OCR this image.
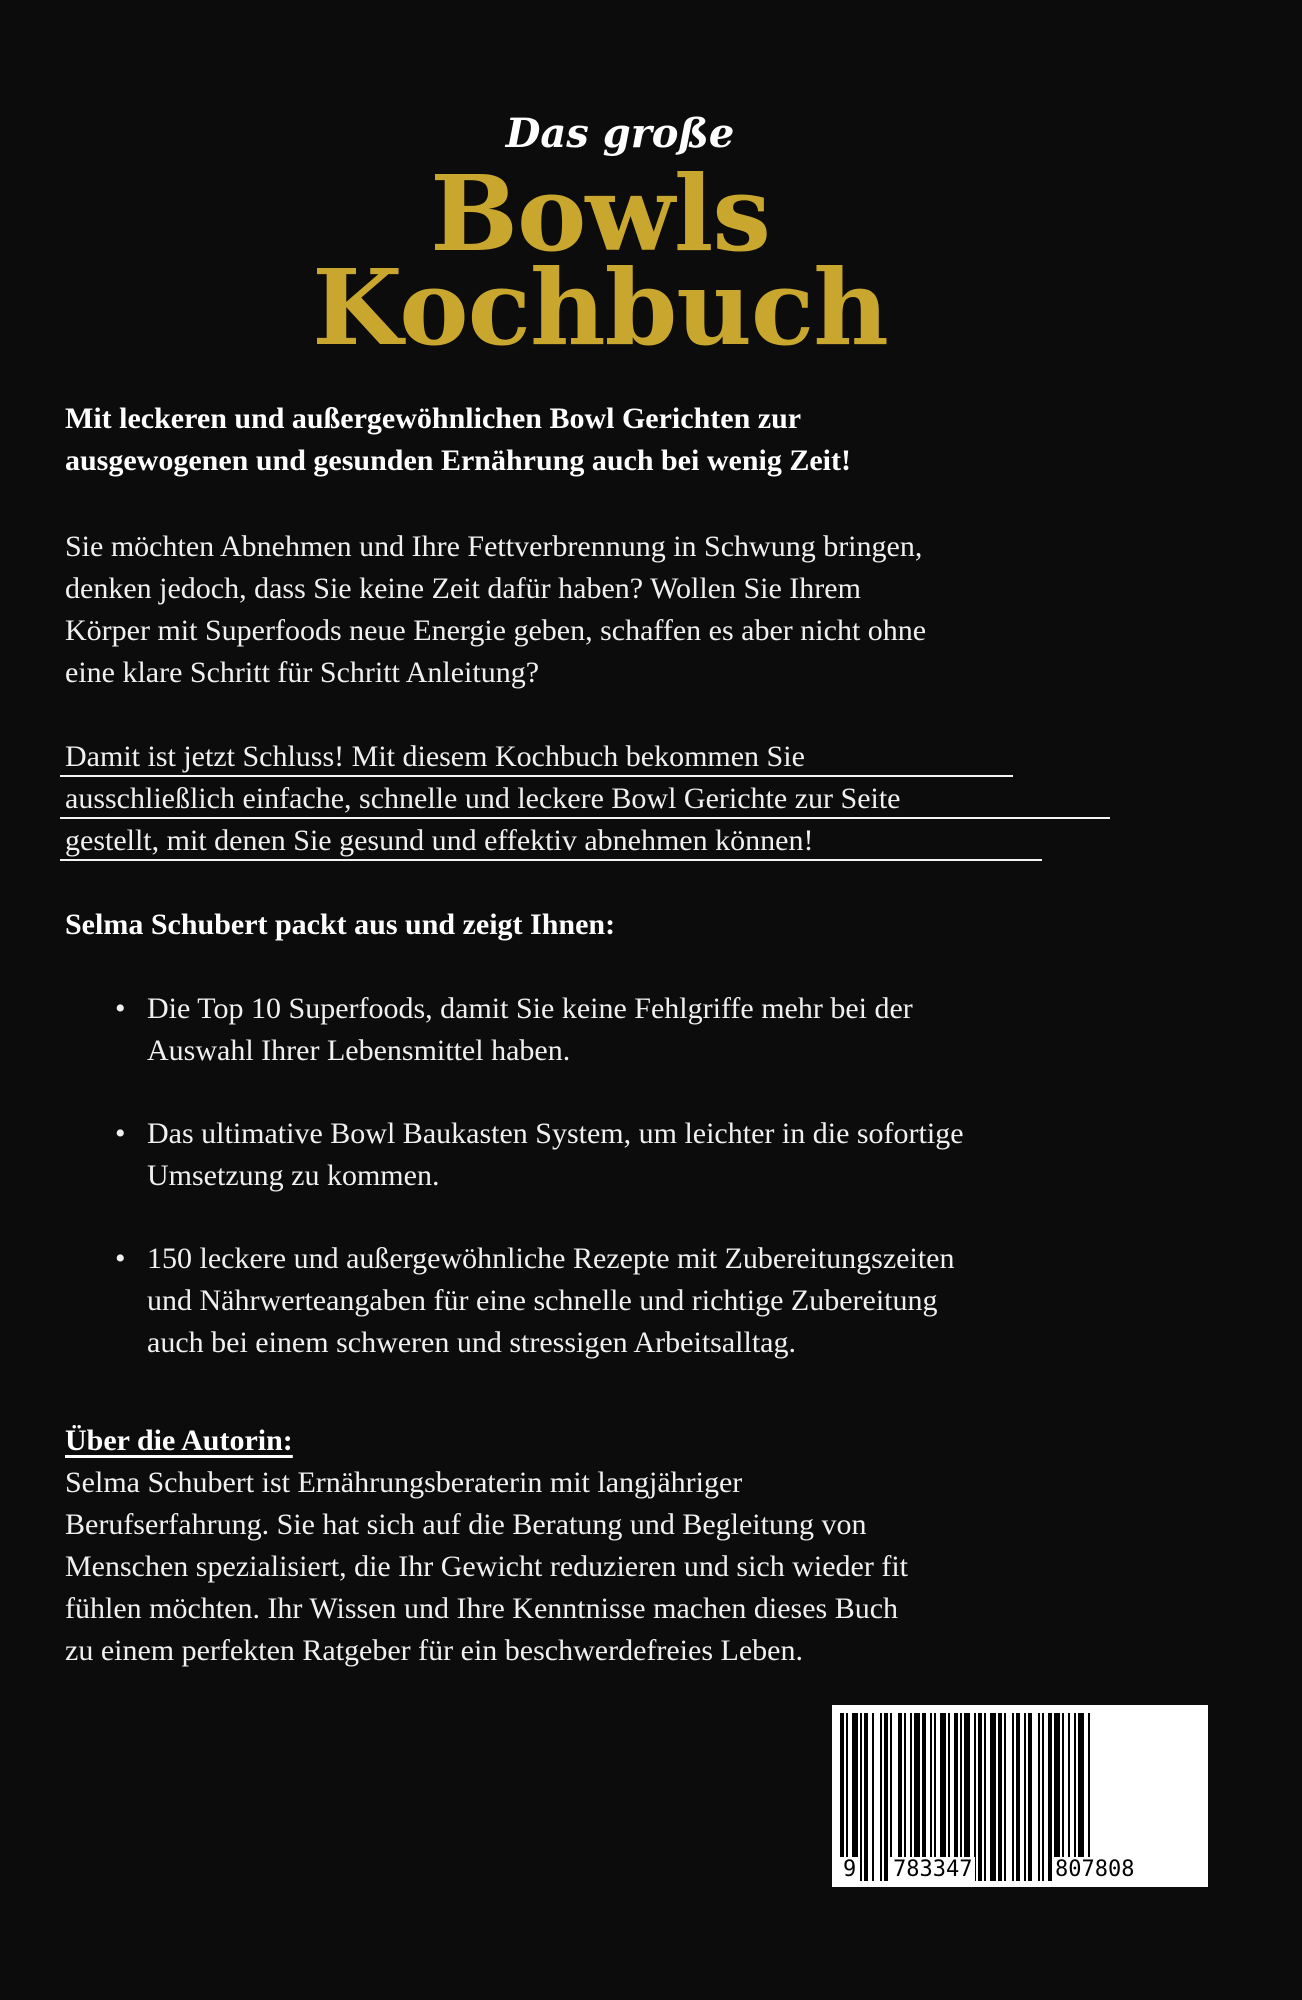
Das große
Bowls
Kochbuch
Mit leckeren und außergewöhnlichen Bowl Gerichten zur
ausgewogenen und gesunden Ernährung auch bei wenig Zeit!
Sie möchten Abnehmen und Ihre Fettverbrennung in Schwung bringen,
denken jedoch, dass Sie keine Zeit dafür haben? Wollen Sie Ihrem
Körper mit Superfoods neue Energie geben, schaffen es aber nicht ohne
eine klare Schritt für Schritt Anleitung?
Damit ist jetzt Schluss! Mit diesem Kochbuch bekommen Sie
ausschließlich einfache, schnelle und leckere Bowl Gerichte zur Seite
gestellt, mit denen Sie gesund und effektiv abnehmen können!
Selma Schubert packt aus und zeigt Ihnen:
• Die Top 10 Superfoods, damit Sie keine Fehlgriffe mehr bei der
Auswahl Ihrer Lebensmittel haben.
• Das ultimative Bowl Baukasten System, um leichter in die sofortige
Umsetzung zu kommen.
• 150 leckere und außergewöhnliche Rezepte mit Zubereitungszeiten
und Nährwerteangaben für eine schnelle und richtige Zubereitung
auch bei einem schweren und stressigen Arbeitsalltag.
Über die Autorin:
Selma Schubert ist Ernährungsberaterin mit langjähriger
Berufserfahrung. Sie hat sich auf die Beratung und Begleitung von
Menschen spezialisiert, die Ihr Gewicht reduzieren und sich wieder fit
fühlen möchten. Ihr Wissen und Ihre Kenntnisse machen dieses Buch
zu einem perfekten Ratgeber für ein beschwerdefreies Leben.
9 783347	807808
